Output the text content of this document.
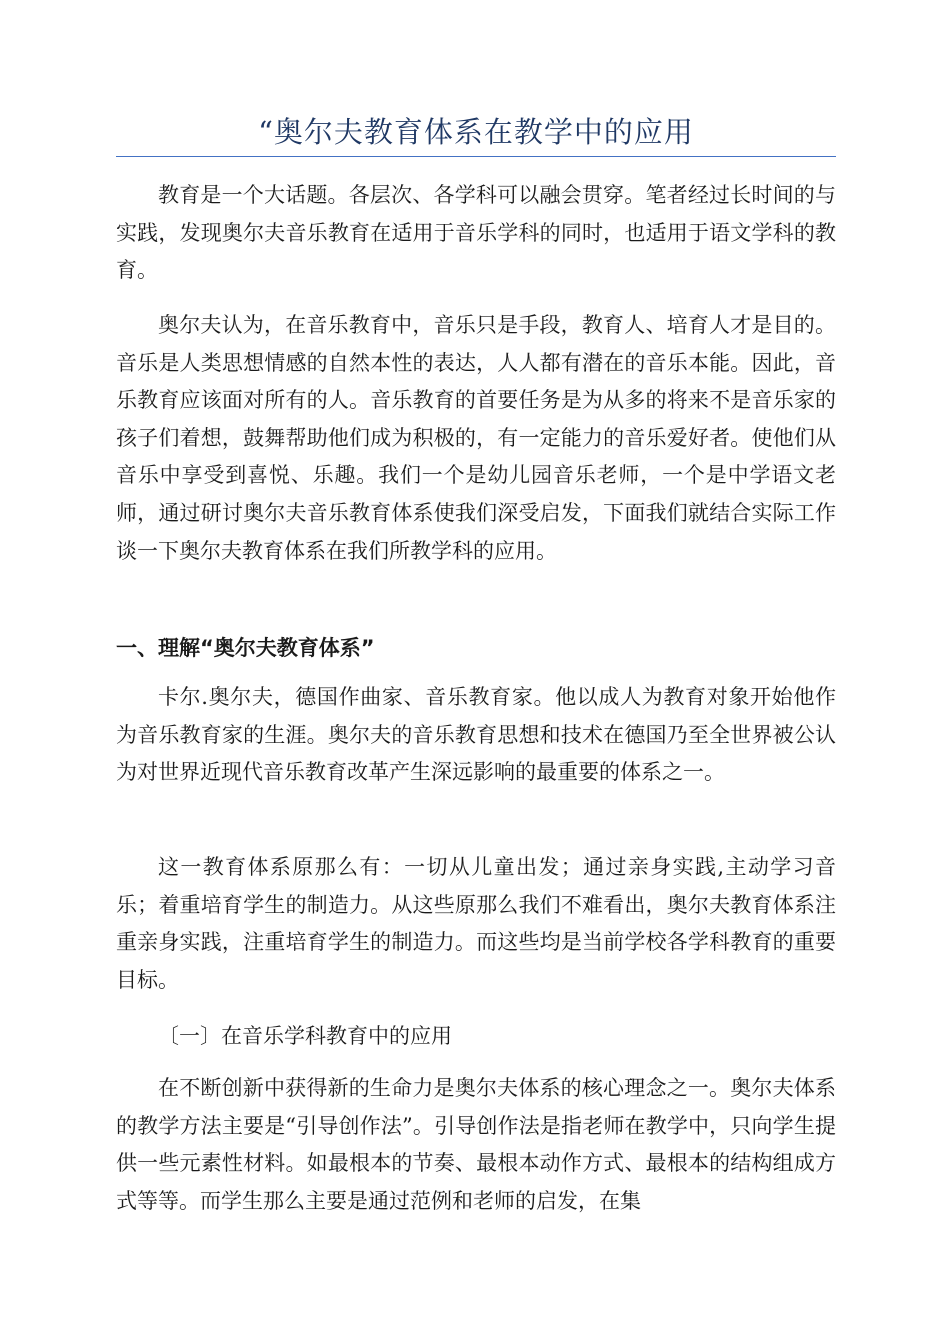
“奥尔夫教育体系在教学中的应用

教育是一个大话题。各层次、各学科可以融会贯穿。笔者经过长时间的与实践，发现奥尔夫音乐教育在适用于音乐学科的同时，也适用于语文学科的教育。

奥尔夫认为，在音乐教育中，音乐只是手段，教育人、培育人才是目的。音乐是人类思想情感的自然本性的表达，人人都有潜在的音乐本能。因此，音乐教育应该面对所有的人。音乐教育的首要任务是为从多的将来不是音乐家的孩子们着想，鼓舞帮助他们成为积极的，有一定能力的音乐爱好者。使他们从音乐中享受到喜悦、乐趣。我们一个是幼儿园音乐老师，一个是中学语文老师，通过研讨奥尔夫音乐教育体系使我们深受启发，下面我们就结合实际工作谈一下奥尔夫教育体系在我们所教学科的应用。

一、理解“奥尔夫教育体系”

卡尔.奥尔夫，德国作曲家、音乐教育家。他以成人为教育对象开始他作为音乐教育家的生涯。奥尔夫的音乐教育思想和技术在德国乃至全世界被公认为对世界近现代音乐教育改革产生深远影响的最重要的体系之一。

这一教育体系原那么有：一切从儿童出发；通过亲身实践,主动学习音乐；着重培育学生的制造力。从这些原那么我们不难看出，奥尔夫教育体系注重亲身实践，注重培育学生的制造力。而这些均是当前学校各学科教育的重要目标。

〔一〕在音乐学科教育中的应用

在不断创新中获得新的生命力是奥尔夫体系的核心理念之一。奥尔夫体系的教学方法主要是“引导创作法”。引导创作法是指老师在教学中，只向学生提供一些元素性材料。如最根本的节奏、最根本动作方式、最根本的结构组成方式等等。而学生那么主要是通过范例和老师的启发，在集
